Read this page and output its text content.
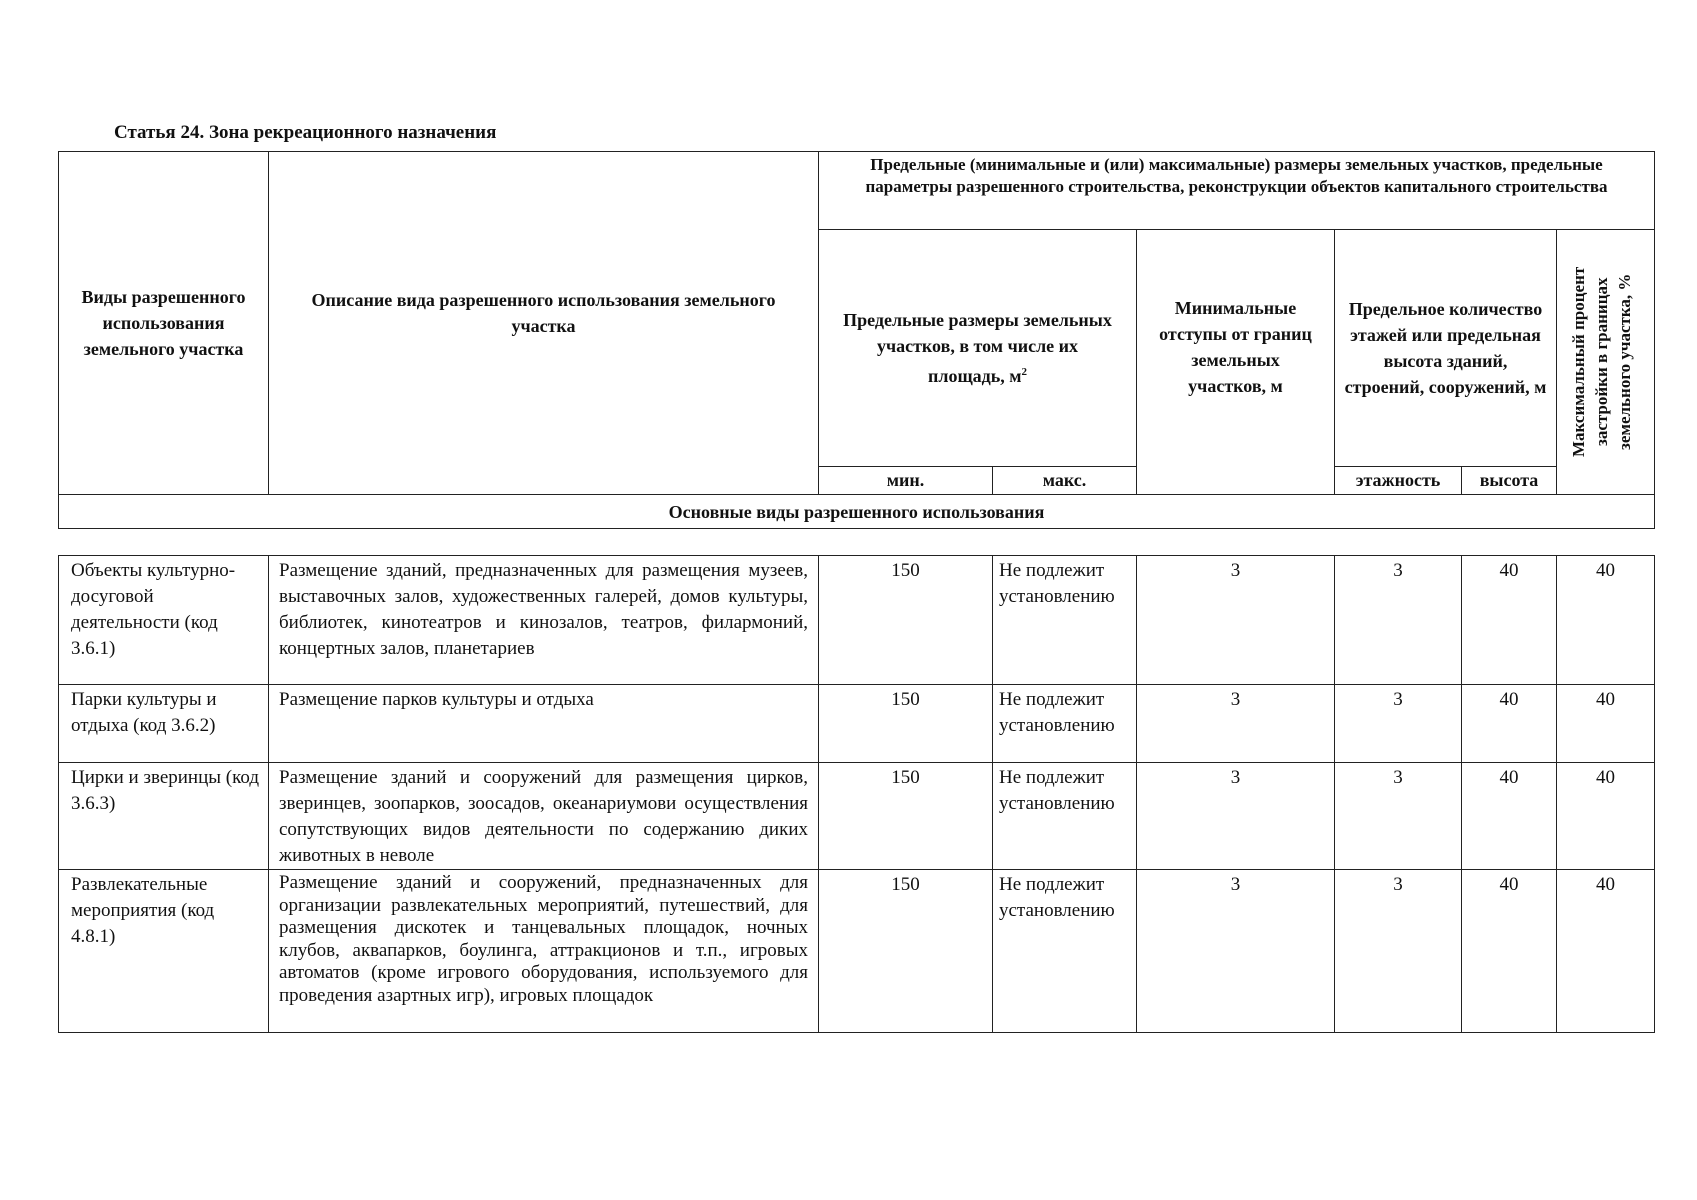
Статья 24. Зона рекреационного назначения
Виды разрешенного использования земельного участка	Описание вида разрешенного использования земельного участка	Предельные (минимальные и (или) максимальные) размеры земельных участков, предельные параметры разрешенного строительства, реконструкции объектов капитального строительства					
		Предельные размеры земельных участков, в том числе их площадь, $м^2$		Минимальные отступы от границ земельных участков, м	Предельное количество этажей или предельная высота зданий, строений, сооружений, м		Максимальный процент застройки в границах земельного участка, %

		мин.	макс.		этажность	высота	
Основные виды разрешенного использования							
Объекты культурно-досуговой деятельности (код 3.6.1)	Размещение зданий, предназначенных для размещения музеев, выставочных залов, художественных галерей, домов культуры, библиотек, кинотеатров и кинозалов, театров, филармоний, концертных залов, планетариев	150	Не подлежит установлению	3	3	40	40
Парки культуры и отдыха (код 3.6.2)	Размещение парков культуры и отдыха	150	Не подлежит установлению	3	3	40	40
Цирки и зверинцы (код 3.6.3)	Размещение зданий и сооружений для размещения цирков, зверинцев, зоопарков, зоосадов, океанариумови осуществления сопутствующих видов деятельности по содержанию диких животных в неволе	150	Не подлежит установлению	3	3	40	40
Развлекательные мероприятия (код 4.8.1)	Размещение зданий и сооружений, предназначенных для организации развлекательных мероприятий, путешествий, для размещения дискотек и танцевальных площадок, ночных клубов, аквапарков, боулинга, аттракционов и т.п., игровых автоматов (кроме игрового оборудования, используемого для проведения азартных игр), игровых площадок	150	Не подлежит установлению	3	3	40	40
